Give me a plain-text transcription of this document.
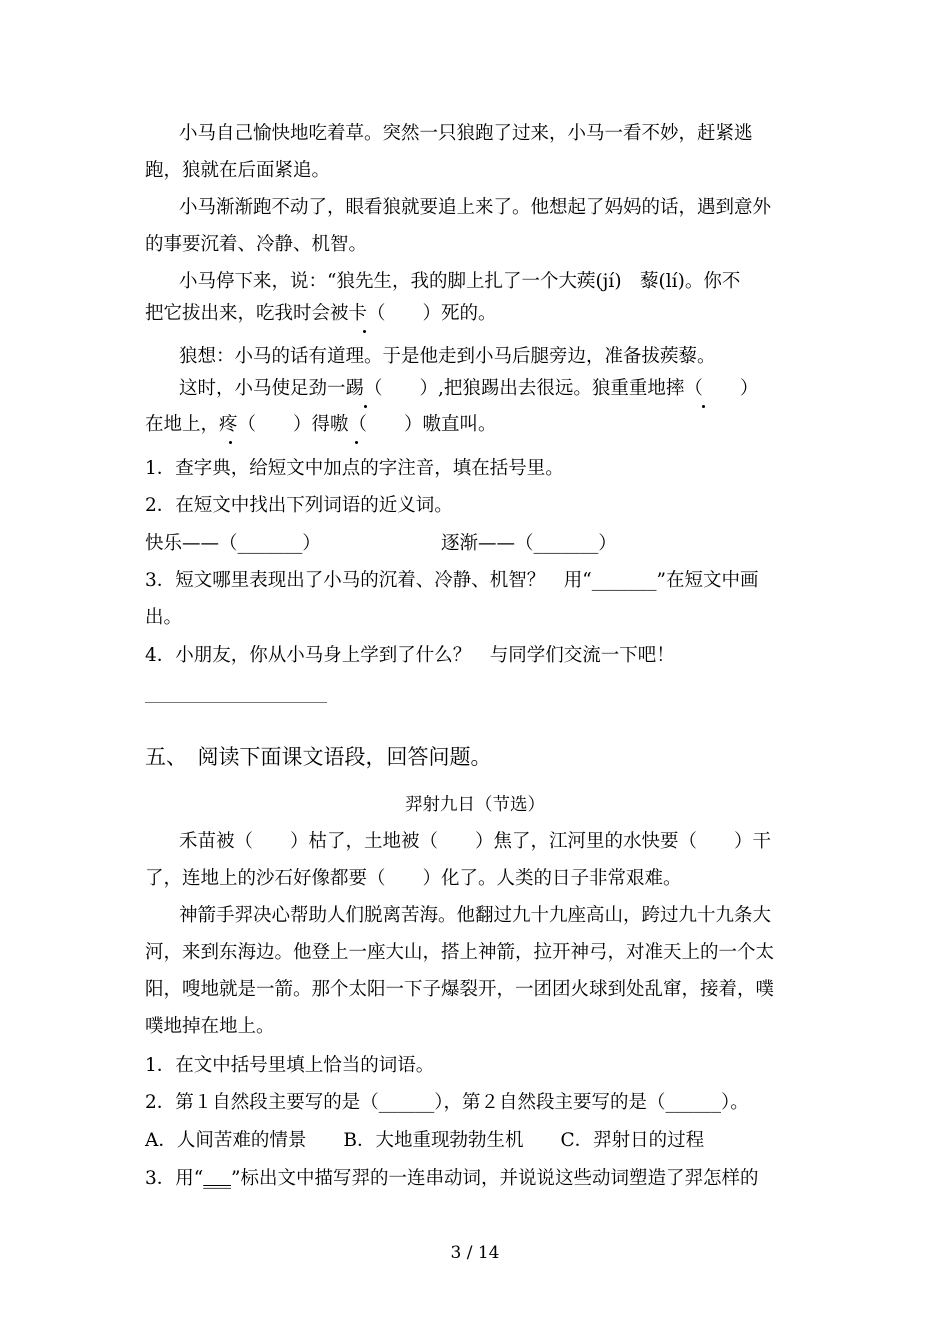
小马自己愉快地吃着草。突然一只狼跑了过来，小马一看不妙，赶紧逃
跑，狼就在后面紧追。
小马渐渐跑不动了，眼看狼就要追上来了。他想起了妈妈的话，遇到意外
的事要沉着、冷静、机智。
小马停下来，说：“狼先生，我的脚上扎了一个大蒺(jí)　藜(lí)。你不
把它拔出来，吃我时会被卡（　　）死的。
狼想：小马的话有道理。于是他走到小马后腿旁边，准备拔蒺藜。
这时，小马使足劲一踢（　　）,把狼踢出去很远。狼重重地摔（　　）
在地上，疼（　　）得嗷（　　）嗷直叫。
1．查字典，给短文中加点的字注音，填在括号里。
2．在短文中找出下列词语的近义词。
快乐——（_______）	逐渐——（_______）
3．短文哪里表现出了小马的沉着、冷静、机智？　用“_______”在短文中画
出。
4．小朋友，你从小马身上学到了什么？　与同学们交流一下吧！
五、　阅读下面课文语段，回答问题。
羿射九日（节选）
禾苗被（　　）枯了，土地被（　　）焦了，江河里的水快要（　　）干
了，连地上的沙石好像都要（　　）化了。人类的日子非常艰难。
神箭手羿决心帮助人们脱离苦海。他翻过九十九座高山，跨过九十九条大
河，来到东海边。他登上一座大山，搭上神箭，拉开神弓，对准天上的一个太
阳，嗖地就是一箭。那个太阳一下子爆裂开，一团团火球到处乱窜，接着，噗
噗地掉在地上。
1．在文中括号里填上恰当的词语。
2．第１自然段主要写的是（______），第２自然段主要写的是（______）。
A．人间苦难的情景　　B．大地重现勃勃生机　　C．羿射日的过程
3．用“___”标出文中描写羿的一连串动词，并说说这些动词塑造了羿怎样的
3 / 14
